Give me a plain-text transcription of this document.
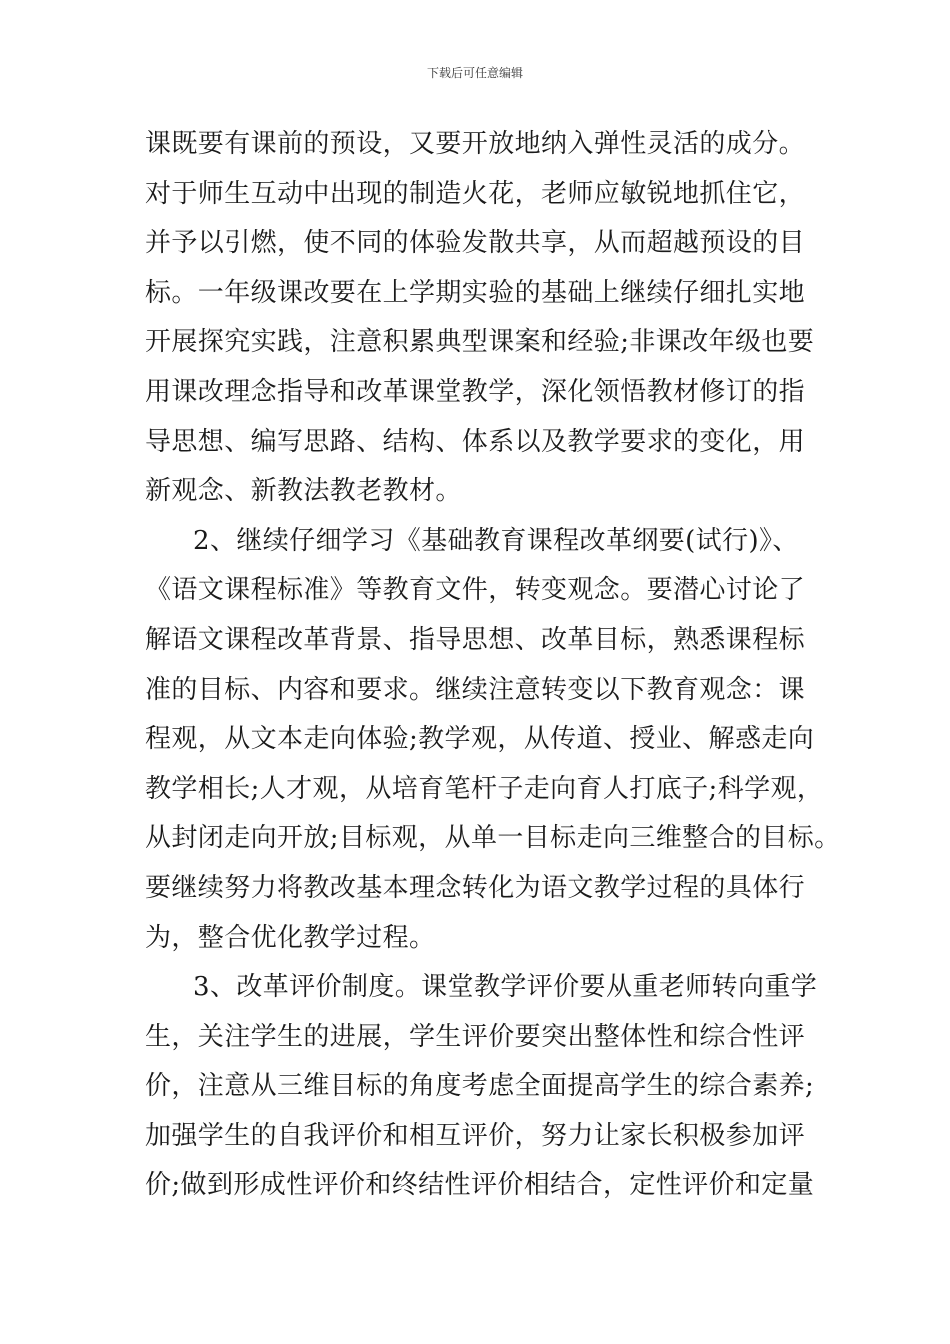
下载后可任意编辑
课既要有课前的预设，又要开放地纳入弹性灵活的成分。
对于师生互动中出现的制造火花，老师应敏锐地抓住它，
并予以引燃，使不同的体验发散共享，从而超越预设的目
标。一年级课改要在上学期实验的基础上继续仔细扎实地
开展探究实践，注意积累典型课案和经验;非课改年级也要
用课改理念指导和改革课堂教学，深化领悟教材修订的指
导思想、编写思路、结构、体系以及教学要求的变化，用
新观念、新教法教老教材。
2、继续仔细学习《基础教育课程改革纲要(试行)》、
《语文课程标准》等教育文件，转变观念。要潜心讨论了
解语文课程改革背景、指导思想、改革目标，熟悉课程标
准的目标、内容和要求。继续注意转变以下教育观念：课
程观，从文本走向体验;教学观，从传道、授业、解惑走向
教学相长;人才观，从培育笔杆子走向育人打底子;科学观，
从封闭走向开放;目标观，从单一目标走向三维整合的目标。
要继续努力将教改基本理念转化为语文教学过程的具体行
为，整合优化教学过程。
3、改革评价制度。课堂教学评价要从重老师转向重学
生，关注学生的进展，学生评价要突出整体性和综合性评
价，注意从三维目标的角度考虑全面提高学生的综合素养;
加强学生的自我评价和相互评价，努力让家长积极参加评
价;做到形成性评价和终结性评价相结合，定性评价和定量
